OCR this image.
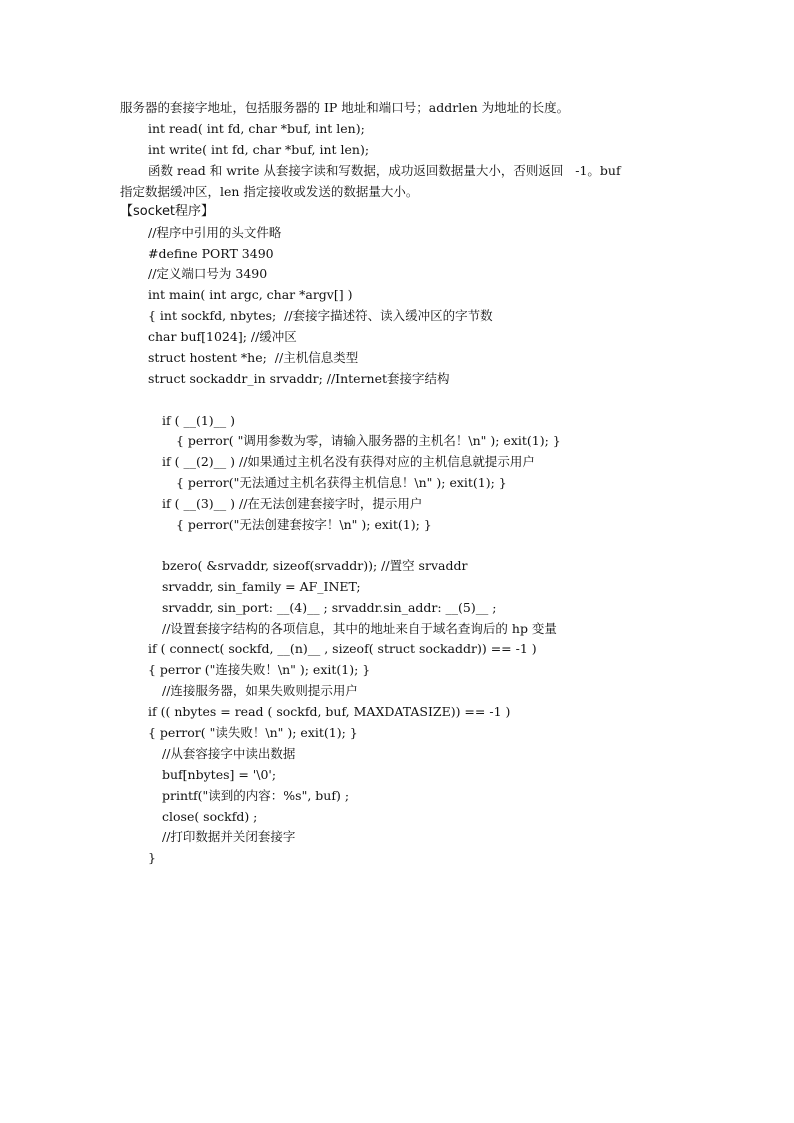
服务器的套接字地址，包括服务器的 IP 地址和端口号；addrlen 为地址的长度。
int read( int fd, char *buf, int len);
int write( int fd, char *buf, int len);
函数 read 和 write 从套接字读和写数据，成功返回数据量大小，否则返回   -1。buf
指定数据缓冲区，len 指定接收或发送的数据量大小。
【socket程序】
//程序中引用的头文件略
#define PORT 3490
//定义端口号为 3490
int main( int argc, char *argv[] )
{ int sockfd, nbytes;  //套接字描述符、读入缓冲区的字节数
char buf[1024]; //缓冲区
struct hostent *he;  //主机信息类型
struct sockaddr_in srvaddr; //Internet套接字结构
if ( __(1)__ )
{ perror( "调用参数为零，请输入服务器的主机名！\n" ); exit(1); }
if ( __(2)__ ) //如果通过主机名没有获得对应的主机信息就提示用户
{ perror("无法通过主机名获得主机信息！\n" ); exit(1); }
if ( __(3)__ ) //在无法创建套接字时，提示用户
{ perror("无法创建套按字！\n" ); exit(1); }
bzero( &srvaddr, sizeof(srvaddr)); //置空 srvaddr
srvaddr, sin_family = AF_INET;
srvaddr, sin_port: __(4)__ ; srvaddr.sin_addr: __(5)__ ;
//设置套接字结构的各项信息，其中的地址来自于域名查询后的 hp 变量
if ( connect( sockfd, __(n)__ , sizeof( struct sockaddr)) == -1 )
{ perror ("连接失败！\n" ); exit(1); }
//连接服务器，如果失败则提示用户
if (( nbytes = read ( sockfd, buf, MAXDATASIZE)) == -1 )
{ perror( "读失败！\n" ); exit(1); }
//从套容接字中读出数据
buf[nbytes] = '\0';
printf("读到的内容：%s", buf) ;
close( sockfd) ;
//打印数据并关闭套接字
}
